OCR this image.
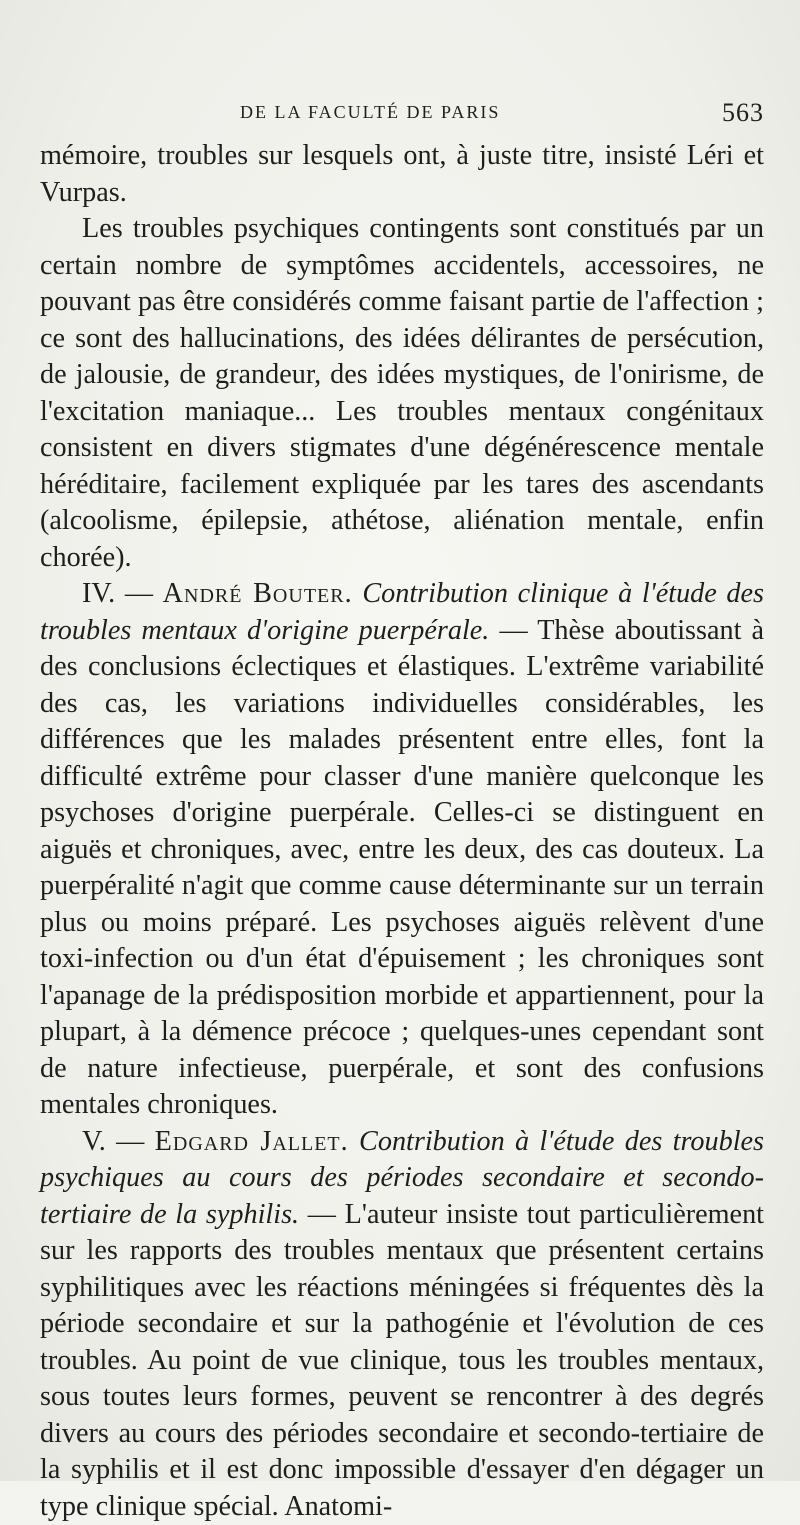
DE LA FACULTÉ DE PARIS	563

mémoire, troubles sur lesquels ont, à juste titre, insisté Léri et Vurpas.

Les troubles psychiques contingents sont constitués par un certain nombre de symptômes accidentels, accessoires, ne pouvant pas être considérés comme faisant partie de l'affection ; ce sont des hallucinations, des idées délirantes de persécution, de jalousie, de grandeur, des idées mystiques, de l'onirisme, de l'excitation maniaque... Les troubles mentaux congénitaux consistent en divers stigmates d'une dégénérescence mentale héréditaire, facilement expliquée par les tares des ascendants (alcoolisme, épilepsie, athétose, aliénation mentale, enfin chorée).

IV. — André Bouter. Contribution clinique à l'étude des troubles mentaux d'origine puerpérale. — Thèse aboutissant à des conclusions éclectiques et élastiques. L'extrême variabilité des cas, les variations individuelles considérables, les différences que les malades présentent entre elles, font la difficulté extrême pour classer d'une manière quelconque les psychoses d'origine puerpérale. Celles-ci se distinguent en aiguës et chroniques, avec, entre les deux, des cas douteux. La puerpéralité n'agit que comme cause déterminante sur un terrain plus ou moins préparé. Les psychoses aiguës relèvent d'une toxi-infection ou d'un état d'épuisement ; les chroniques sont l'apanage de la prédisposition morbide et appartiennent, pour la plupart, à la démence précoce ; quelques-unes cependant sont de nature infectieuse, puerpérale, et sont des confusions mentales chroniques.

V. — Edgard Jallet. Contribution à l'étude des troubles psychiques au cours des périodes secondaire et secondo-tertiaire de la syphilis. — L'auteur insiste tout particulièrement sur les rapports des troubles mentaux que présentent certains syphilitiques avec les réactions méningées si fréquentes dès la période secondaire et sur la pathogénie et l'évolution de ces troubles. Au point de vue clinique, tous les troubles mentaux, sous toutes leurs formes, peuvent se rencontrer à des degrés divers au cours des périodes secondaire et secondo-tertiaire de la syphilis et il est donc impossible d'essayer d'en dégager un type clinique spécial. Anatomi-
